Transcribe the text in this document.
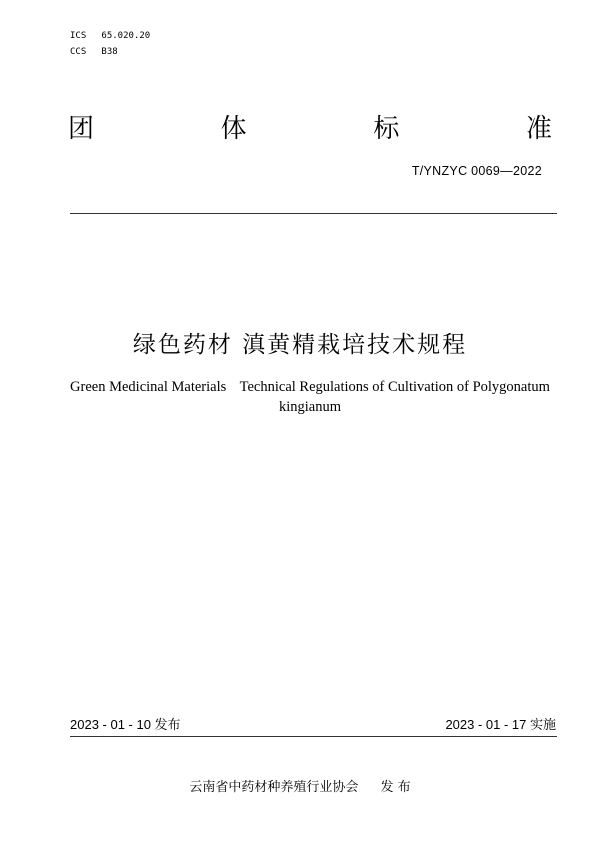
ICS 65.020.20
CCS B38
团	体	标	准
T/YNZYC 0069—2022
绿色药材 滇黄精栽培技术规程
Green Medicinal Materials Technical Regulations of Cultivation of Polygonatum kingianum
2023 - 01 - 10 发布	2023 - 01 - 17 实施
云南省中药材种养殖行业协会 发 布
